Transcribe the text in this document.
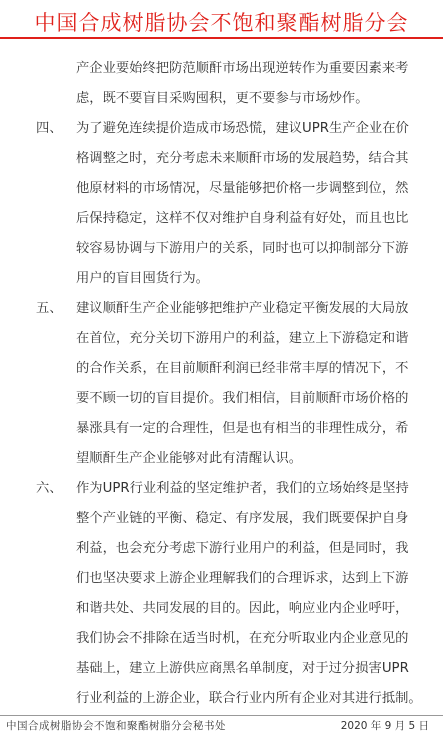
中国合成树脂协会不饱和聚酯树脂分会
产企业要始终把防范顺酐市场出现逆转作为重要因素来考
虑，既不要盲目采购囤积，更不要参与市场炒作。
四、 为了避免连续提价造成市场恐慌，建议UPR生产企业在价
格调整之时，充分考虑未来顺酐市场的发展趋势，结合其
他原材料的市场情况，尽量能够把价格一步调整到位，然
后保持稳定，这样不仅对维护自身利益有好处，而且也比
较容易协调与下游用户的关系，同时也可以抑制部分下游
用户的盲目囤货行为。
五、 建议顺酐生产企业能够把维护产业稳定平衡发展的大局放
在首位，充分关切下游用户的利益，建立上下游稳定和谐
的合作关系，在目前顺酐利润已经非常丰厚的情况下，不
要不顾一切的盲目提价。我们相信，目前顺酐市场价格的
暴涨具有一定的合理性，但是也有相当的非理性成分，希
望顺酐生产企业能够对此有清醒认识。
六、 作为UPR行业利益的坚定维护者，我们的立场始终是坚持
整个产业链的平衡、稳定、有序发展，我们既要保护自身
利益，也会充分考虑下游行业用户的利益，但是同时，我
们也坚决要求上游企业理解我们的合理诉求，达到上下游
和谐共处、共同发展的目的。因此，响应业内企业呼吁，
我们协会不排除在适当时机，在充分听取业内企业意见的
基础上，建立上游供应商黑名单制度，对于过分损害UPR
行业利益的上游企业，联合行业内所有企业对其进行抵制。
中国合成树脂协会不饱和聚酯树脂分会秘书处	2020 年 9 月 5 日
